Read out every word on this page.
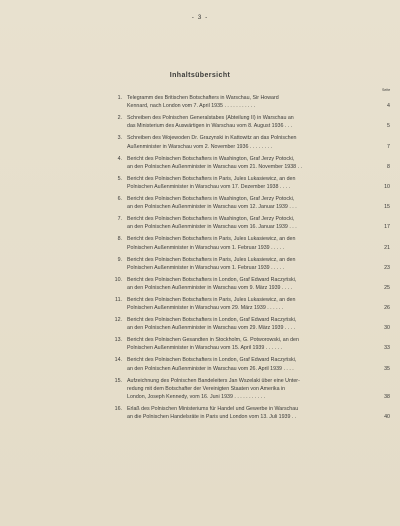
- 3 -
Inhaltsübersicht
Seite
1. Telegramm des Britischen Botschafters in Warschau, Sir Howard
Kennard, nach London vom 7. April 1935 . . . . . . . . . . .	4
2. Schreiben des Polnischen Generalstabes (Abteilung II) in Warschau an
das Ministerium des Auswärtigen in Warschau vom 8. August 1936 . . .	5
3. Schreiben des Wojewoden Dr. Grazynski in Kattowitz an das Polnischen
Außenminister in Warschau vom 2. November 1936 . . . . . . . .	7
4. Bericht des Polnischen Botschafters in Washington, Graf Jerzy Potocki,
an den Polnischen Außenminister in Warschau vom 21. November 1938 . .	8
5. Bericht des Polnischen Botschafters in Paris, Jules Lukasiewicz, an den
Polnischen Außenminister in Warschau vom 17. Dezember 1938 . . . .	10
6. Bericht des Polnischen Botschafters in Washington, Graf Jerzy Potocki,
an den Polnischen Außenminister in Warschau vom 12. Januar 1939 . . .	15
7. Bericht des Polnischen Botschafters in Washington, Graf Jerzy Potocki,
an den Polnischen Außenminister in Warschau vom 16. Januar 1939 . . .	17
8. Bericht des Polnischen Botschafters in Paris, Jules Lukasiewicz, an den
Polnischen Außenminister in Warschau vom 1. Februar 1939 . . . . .	21
9. Bericht des Polnischen Botschafters in Paris, Jules Lukasiewicz, an den
Polnischen Außenminister in Warschau vom 1. Februar 1939 . . . . .	23
10. Bericht des Polnischen Botschafters in London, Graf Edward Raczyński,
an den Polnischen Außenminister in Warschau vom 9. März 1939 . . . .	25
11. Bericht des Polnischen Botschafters in Paris, Jules Lukasiewicz, an den
Polnischen Außenminister in Warschau vom 29. März 1939 . . . . . .	26
12. Bericht des Polnischen Botschafters in London, Graf Edward Raczyński,
an den Polnischen Außenminister in Warschau vom 29. März 1939 . . . .	30
13. Bericht des Polnischen Gesandten in Stockholm, G. Potworowski, an den
Polnischen Außenminister in Warschau vom 15. April 1939 . . . . . .	33
14. Bericht des Polnischen Botschafters in London, Graf Edward Raczyński,
an den Polnischen Außenminister in Warschau vom 26. April 1939 . . . .	35
15. Aufzeichnung des Polnischen Bandeleiters Jan Wszelaki über eine Unter-
redung mit dem Botschafter der Vereinigten Staaten von Amerika in
London, Joseph Kennedy, vom 16. Juni 1939 . . . . . . . . . . .	38
16. Erlaß des Polnischen Ministeriums für Handel und Gewerbe in Warschau
an die Polnischen Handelsräte in Paris und London vom 13. Juli 1939 . .	40
